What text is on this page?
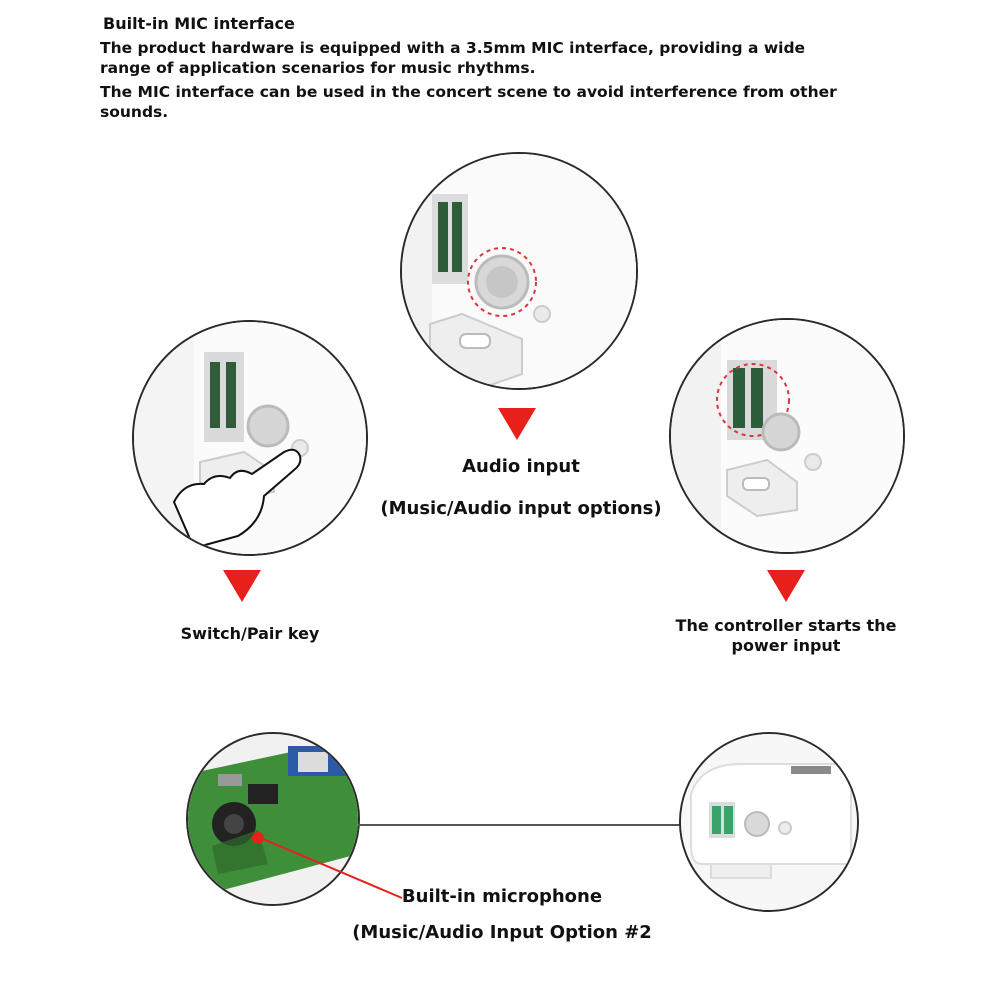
Built-in MIC interface
The product hardware is equipped with a 3.5mm MIC interface, providing a wide range of application scenarios for music rhythms.
The MIC interface can be used in the concert scene to avoid interference from other sounds.
Audio input
(Music/Audio input options)
Switch/Pair key	The controller starts the power input
Built-in microphone
(Music/Audio Input Option #2
